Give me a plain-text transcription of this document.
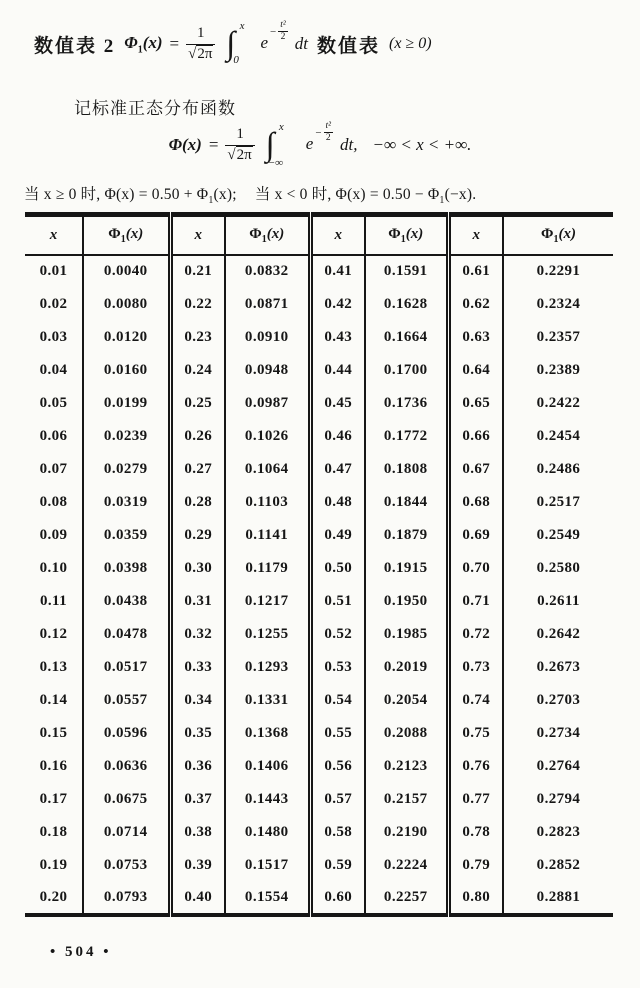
数值表 2 $\Phi_1(x) = \frac{1}{√2\pi}$ ∫ x
0
e
− $\frac{\text{t²}}{2}$
dt 数值表 (x ≥ 0)
记标准正态分布函数
$\Phi(x) = \frac{1}{√2\pi}$ ∫ x
−∞
e
− $\frac{\text{t²}}{2}$
dt, −∞ < x < +∞.
当 x ≥ 0 时, $\Phi(x) = 0.50 + \Phi_1(x)$; 当 x < 0 时, $\Phi(x) = 0.50 - \Phi_1(-x)$.
x	$\Phi_1(x)$	x	$\Phi_1(x)$	x	$\Phi_1(x)$	x	$\Phi_1(x)$
0.01	0.0040	0.21	0.0832	0.41	0.1591	0.61	0.2291
0.02	0.0080	0.22	0.0871	0.42	0.1628	0.62	0.2324
0.03	0.0120	0.23	0.0910	0.43	0.1664	0.63	0.2357
0.04	0.0160	0.24	0.0948	0.44	0.1700	0.64	0.2389
0.05	0.0199	0.25	0.0987	0.45	0.1736	0.65	0.2422
0.06	0.0239	0.26	0.1026	0.46	0.1772	0.66	0.2454
0.07	0.0279	0.27	0.1064	0.47	0.1808	0.67	0.2486
0.08	0.0319	0.28	0.1103	0.48	0.1844	0.68	0.2517
0.09	0.0359	0.29	0.1141	0.49	0.1879	0.69	0.2549
0.10	0.0398	0.30	0.1179	0.50	0.1915	0.70	0.2580
0.11	0.0438	0.31	0.1217	0.51	0.1950	0.71	0.2611
0.12	0.0478	0.32	0.1255	0.52	0.1985	0.72	0.2642
0.13	0.0517	0.33	0.1293	0.53	0.2019	0.73	0.2673
0.14	0.0557	0.34	0.1331	0.54	0.2054	0.74	0.2703
0.15	0.0596	0.35	0.1368	0.55	0.2088	0.75	0.2734
0.16	0.0636	0.36	0.1406	0.56	0.2123	0.76	0.2764
0.17	0.0675	0.37	0.1443	0.57	0.2157	0.77	0.2794
0.18	0.0714	0.38	0.1480	0.58	0.2190	0.78	0.2823
0.19	0.0753	0.39	0.1517	0.59	0.2224	0.79	0.2852
0.20	0.0793	0.40	0.1554	0.60	0.2257	0.80	0.2881
• 504 •
